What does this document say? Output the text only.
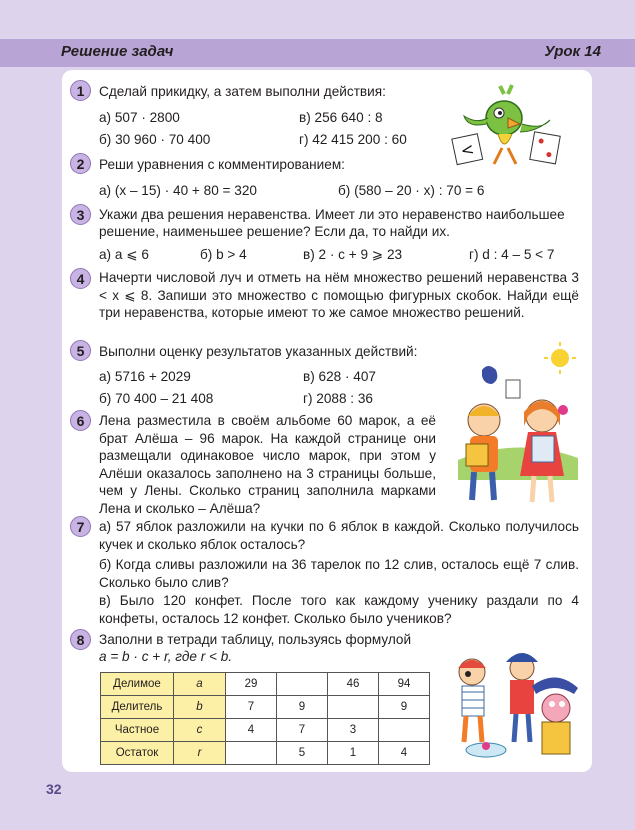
Решение задач	Урок 14
1	Сделай прикидку, а затем выполни действия:
а) 507 · 2800	в) 256 640 : 8
б) 30 960 · 70 400	г) 42 415 200 : 60	<
2	Реши уравнения с комментированием:
а) (x – 15) · 40 + 80 = 320	б) (580 – 20 · x) : 70 = 6
3	Укажи два решения неравенства. Имеет ли это неравенство наибольшее
решение, наименьшее решение? Если да, то найди их.
а) a ⩽ 6	б) b > 4	в) 2 · c + 9 ⩾ 23	г) d : 4 – 5 < 7
4	Начерти числовой луч и отметь на нём множество решений неравенства 3 < x ⩽ 8. Запиши это множество с помощью фигурных скобок. Найди ещё три неравенства, которые имеют то же самое множество решений.
5	Выполни оценку результатов указанных действий:
а) 5716 + 2029	в) 628 · 407
б) 70 400 – 21 408	г) 2088 : 36
6	Лена разместила в своём альбоме 60 марок, а её брат Алёша – 96 марок. На каждой странице они размещали одинаковое число марок, при этом у Алёши оказалось заполнено на 3 страницы больше, чем у Лены. Сколько страниц заполнила марками Лена и сколько – Алёша?
7	а) 57 яблок разложили на кучки по 6 яблок в каждой. Сколько получилось кучек и сколько яблок осталось?
б) Когда сливы разложили на 36 тарелок по 12 слив, осталось ещё 7 слив. Сколько было слив?
в) Было 120 конфет. После того как каждому ученику раздали по 4 конфеты, осталось 12 конфет. Сколько было учеников?
8	Заполни в тетради таблицу, пользуясь формулой
a = b · c + r, где r < b.
Делимое	a	29		46	94
Делитель	b	7	9		9
Частное	c	4	7	3	
Остаток	r		5	1	4
32
